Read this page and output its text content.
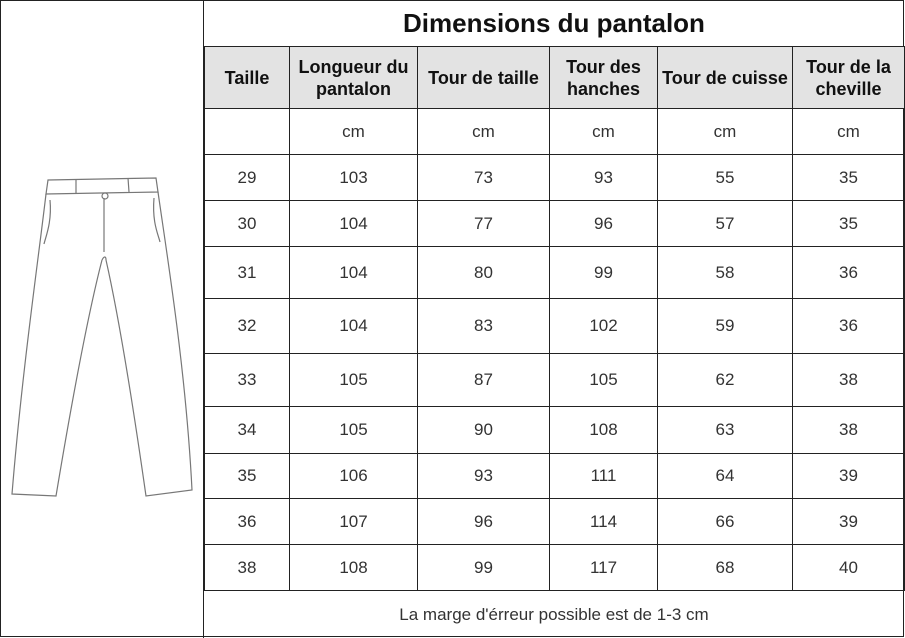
Dimensions du pantalon
Taille	Longueur du pantalon	Tour de taille	Tour des hanches	Tour de cuisse	Tour de la cheville
	cm	cm	cm	cm	cm
29	103	73	93	55	35
30	104	77	96	57	35
31	104	80	99	58	36
32	104	83	102	59	36
33	105	87	105	62	38
34	105	90	108	63	38
35	106	93	111	64	39
36	107	96	114	66	39
38	108	99	117	68	40
La marge d'érreur possible est de 1-3 cm
